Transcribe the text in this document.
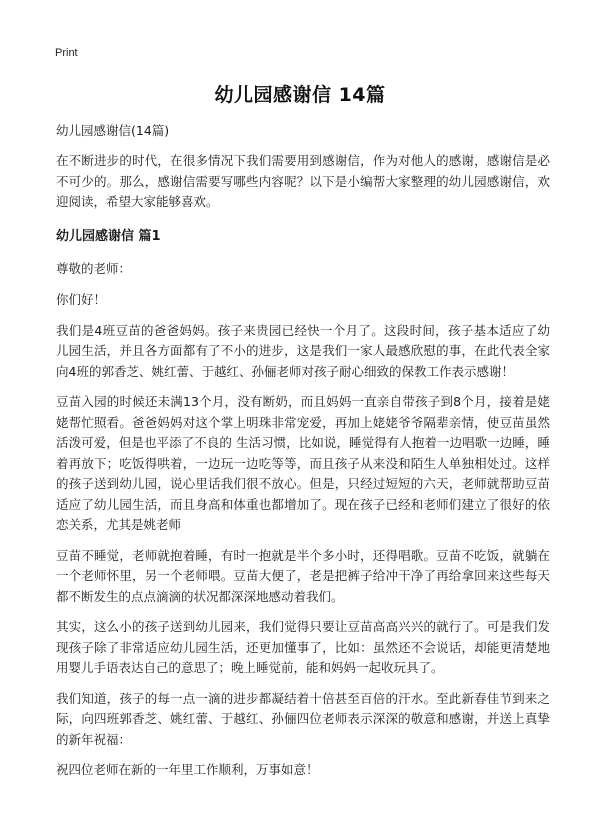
Print
幼儿园感谢信 14篇
幼儿园感谢信(14篇)
在不断进步的时代，在很多情况下我们需要用到感谢信，作为对他人的感谢，感谢信是必不可少的。那么，感谢信需要写哪些内容呢？以下是小编帮大家整理的幼儿园感谢信，欢迎阅读，希望大家能够喜欢。
幼儿园感谢信 篇1
尊敬的老师：
你们好！
我们是4班豆苗的爸爸妈妈。孩子来贵园已经快一个月了。这段时间，孩子基本适应了幼儿园生活，并且各方面都有了不小的进步，这是我们一家人最感欣慰的事，在此代表全家向4班的郭香芝、姚红蕾、于越红、孙俪老师对孩子耐心细致的保教工作表示感谢！
豆苗入园的时候还未满13个月，没有断奶，而且妈妈一直亲自带孩子到8个月，接着是姥姥帮忙照看。爸爸妈妈对这个掌上明珠非常宠爱，再加上姥姥爷爷隔辈亲情，使豆苗虽然活泼可爱，但是也平添了不良的 生活习惯，比如说，睡觉得有人抱着一边唱歌一边睡，睡着再放下；吃饭得哄着，一边玩一边吃等等，而且孩子从来没和陌生人单独相处过。这样的孩子送到幼儿园，说心里话我们很不放心。但是，只经过短短的六天，老师就帮助豆苗适应了幼儿园生活，而且身高和体重也都增加了。现在孩子已经和老师们建立了很好的依恋关系，尤其是姚老师
豆苗不睡觉，老师就抱着睡，有时一抱就是半个多小时，还得唱歌。豆苗不吃饭，就躺在一个老师怀里，另一个老师喂。豆苗大便了，老是把裤子给冲干净了再给拿回来这些每天都不断发生的点点滴滴的状况都深深地感动着我们。
其实，这么小的孩子送到幼儿园来，我们觉得只要让豆苗高高兴兴的就行了。可是我们发现孩子除了非常适应幼儿园生活，还更加懂事了，比如：虽然还不会说话，却能更清楚地用婴儿手语表达自己的意思了；晚上睡觉前，能和妈妈一起收玩具了。
我们知道，孩子的每一点一滴的进步都凝结着十倍甚至百倍的汗水。至此新春佳节到来之际，向四班郭香芝、姚红蕾、于越红、孙俪四位老师表示深深的敬意和感谢，并送上真挚的新年祝福：
祝四位老师在新的一年里工作顺利，万事如意！
